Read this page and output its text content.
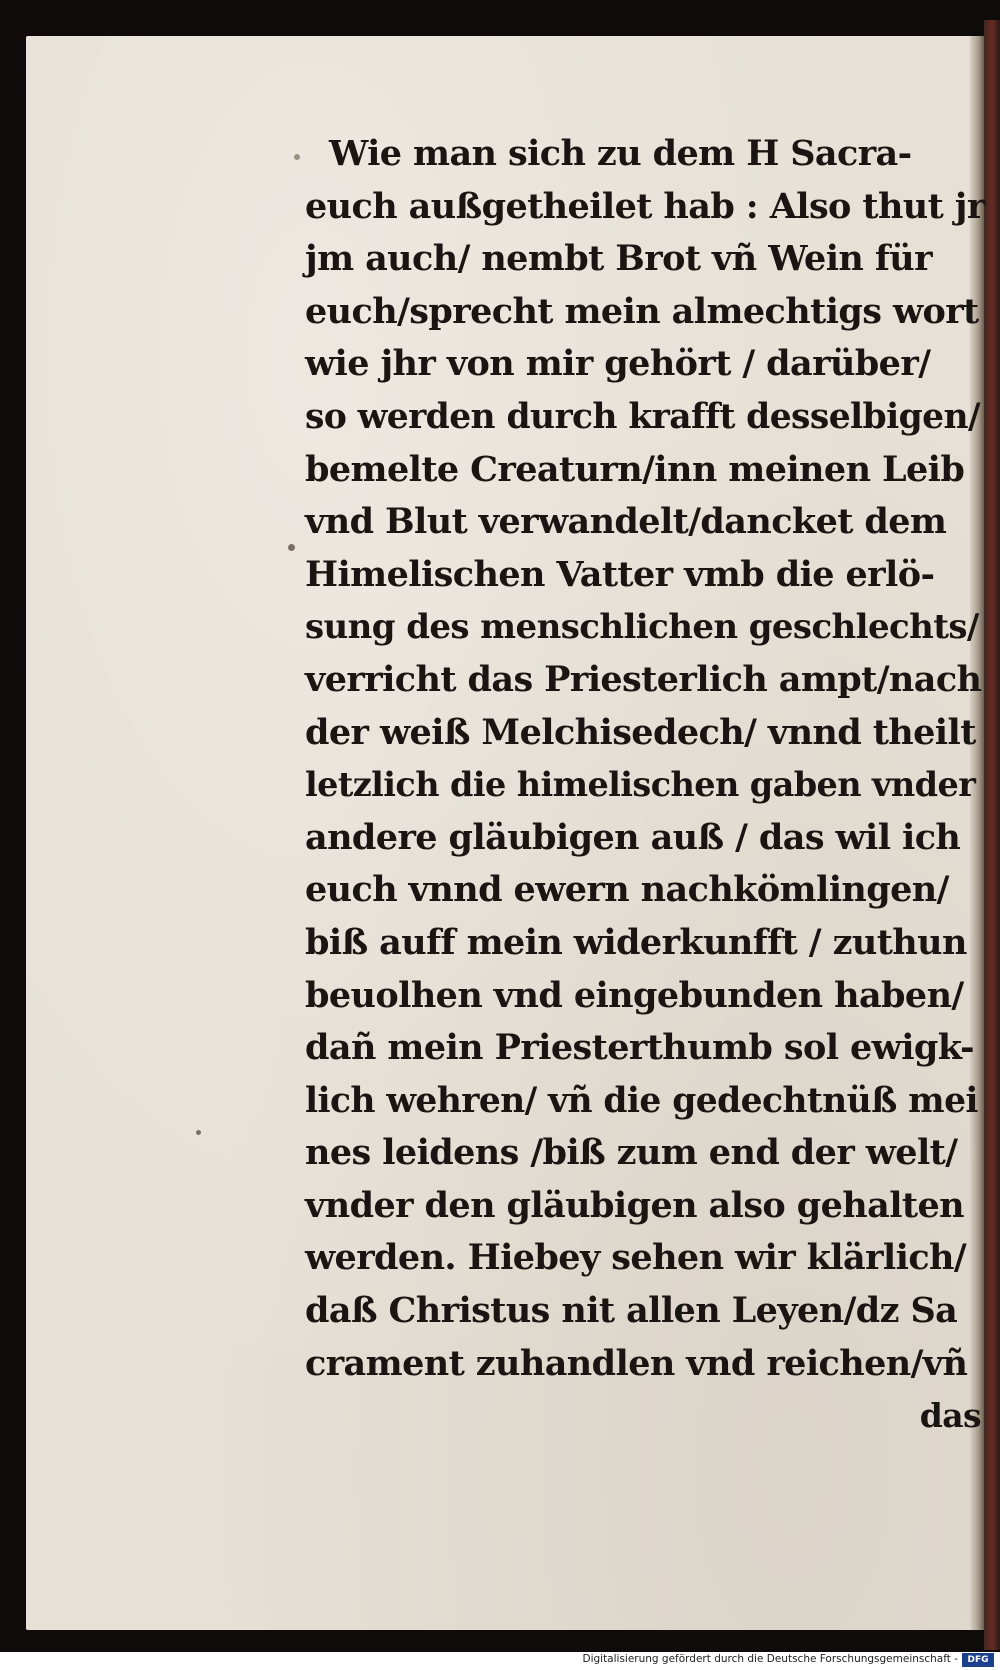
Wie man sich zu dem H Sacra-
euch außgetheilet hab : Also thut jr
jm auch/ nembt Brot vñ Wein für
euch/sprecht mein almechtigs wort
wie jhr von mir gehört / darüber/
so werden durch krafft desselbigen/
bemelte Creaturn/inn meinen Leib
vnd Blut verwandelt/dancket dem
Himelischen Vatter vmb die erlö-
sung des menschlichen geschlechts/
verricht das Priesterlich ampt/nach
der weiß Melchisedech/ vnnd theilt
letzlich die himelischen gaben vnder
andere gläubigen auß / das wil ich
euch vnnd ewern nachkömlingen/
biß auff mein widerkunfft / zuthun
beuolhen vnd eingebunden haben/
dañ mein Priesterthumb sol ewigk-
lich wehren/ vñ die gedechtnüß mei
nes leidens /biß zum end der welt/
vnder den gläubigen also gehalten
werden. Hiebey sehen wir klärlich/
daß Christus nit allen Leyen/dz Sa
crament zuhandlen vnd reichen/vñ
das
Digitalisierung gefördert durch die Deutsche Forschungsgemeinschaft -	DFG
